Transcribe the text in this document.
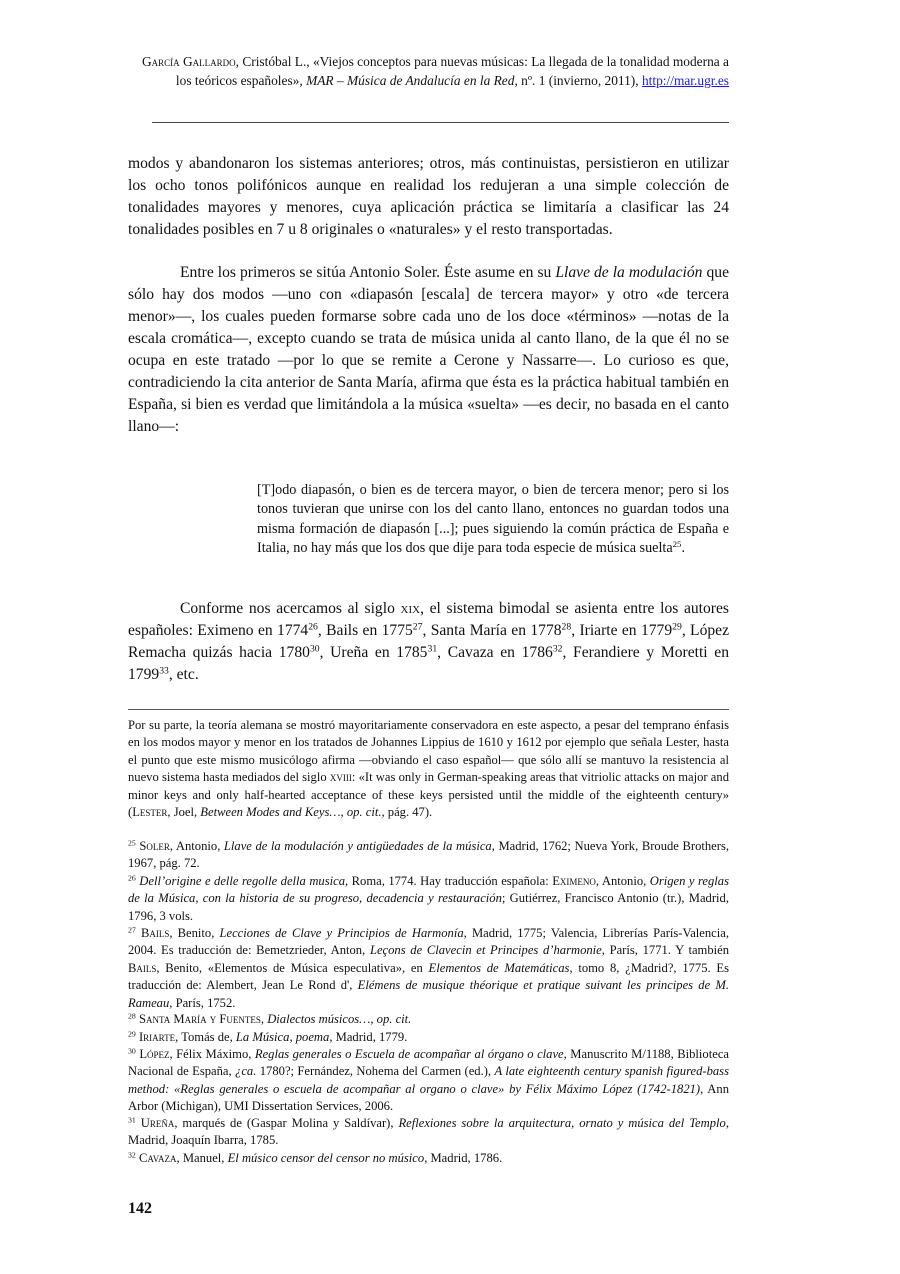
García Gallardo, Cristóbal L., «Viejos conceptos para nuevas músicas: La llegada de la tonalidad moderna a los teóricos españoles», MAR – Música de Andalucía en la Red, nº. 1 (invierno, 2011), http://mar.ugr.es
modos y abandonaron los sistemas anteriores; otros, más continuistas, persistieron en utilizar los ocho tonos polifónicos aunque en realidad los redujeran a una simple colección de tonalidades mayores y menores, cuya aplicación práctica se limitaría a clasificar las 24 tonalidades posibles en 7 u 8 originales o «naturales» y el resto transportadas.
Entre los primeros se sitúa Antonio Soler. Éste asume en su Llave de la modulación que sólo hay dos modos —uno con «diapasón [escala] de tercera mayor» y otro «de tercera menor»—, los cuales pueden formarse sobre cada uno de los doce «términos» —notas de la escala cromática—, excepto cuando se trata de música unida al canto llano, de la que él no se ocupa en este tratado —por lo que se remite a Cerone y Nassarre—. Lo curioso es que, contradiciendo la cita anterior de Santa María, afirma que ésta es la práctica habitual también en España, si bien es verdad que limitándola a la música «suelta» —es decir, no basada en el canto llano—:
[T]odo diapasón, o bien es de tercera mayor, o bien de tercera menor; pero si los tonos tuvieran que unirse con los del canto llano, entonces no guardan todos una misma formación de diapasón [...]; pues siguiendo la común práctica de España e Italia, no hay más que los dos que dije para toda especie de música suelta$^{25}$.
Conforme nos acercamos al siglo xix, el sistema bimodal se asienta entre los autores españoles: Eximeno en 1774$^{26}$, Bails en 1775$^{27}$, Santa María en 1778$^{28}$, Iriarte en 1779$^{29}$, López Remacha quizás hacia 1780$^{30}$, Ureña en 1785$^{31}$, Cavaza en 1786$^{32}$, Ferandiere y Moretti en 1799$^{33}$, etc.
Por su parte, la teoría alemana se mostró mayoritariamente conservadora en este aspecto, a pesar del temprano énfasis en los modos mayor y menor en los tratados de Johannes Lippius de 1610 y 1612 por ejemplo que señala Lester, hasta el punto que este mismo musicólogo afirma —obviando el caso español— que sólo allí se mantuvo la resistencia al nuevo sistema hasta mediados del siglo xviii: «It was only in German-speaking areas that vitriolic attacks on major and minor keys and only half-hearted acceptance of these keys persisted until the middle of the eighteenth century» (Lester, Joel, Between Modes and Keys…, op. cit., pág. 47).
$^{25}$ Soler, Antonio, Llave de la modulación y antigüedades de la música, Madrid, 1762; Nueva York, Broude Brothers, 1967, pág. 72.
$^{26}$ Dell’origine e delle regolle della musica, Roma, 1774. Hay traducción española: Eximeno, Antonio, Origen y reglas de la Música, con la historia de su progreso, decadencia y restauración; Gutiérrez, Francisco Antonio (tr.), Madrid, 1796, 3 vols.
$^{27}$ Bails, Benito, Lecciones de Clave y Principios de Harmonía, Madrid, 1775; Valencia, Librerías París-Valencia, 2004. Es traducción de: Bemetzrieder, Anton, Leçons de Clavecin et Principes d’harmonie, París, 1771. Y también Bails, Benito, «Elementos de Música especulativa», en Elementos de Matemáticas, tomo 8, ¿Madrid?, 1775. Es traducción de: Alembert, Jean Le Rond d', Elémens de musique théorique et pratique suivant les principes de M. Rameau, París, 1752.
$^{28}$ Santa María y Fuentes, Dialectos músicos…, op. cit.
$^{29}$ Iriarte, Tomás de, La Música, poema, Madrid, 1779.
$^{30}$ López, Félix Máximo, Reglas generales o Escuela de acompañar al órgano o clave, Manuscrito M/1188, Biblioteca Nacional de España, ¿ca. 1780?; Fernández, Nohema del Carmen (ed.), A late eighteenth century spanish figured-bass method: «Reglas generales o escuela de acompañar al organo o clave» by Félix Máximo López (1742-1821), Ann Arbor (Michigan), UMI Dissertation Services, 2006.
$^{31}$ Ureña, marqués de (Gaspar Molina y Saldívar), Reflexiones sobre la arquitectura, ornato y música del Templo, Madrid, Joaquín Ibarra, 1785.
$^{32}$ Cavaza, Manuel, El músico censor del censor no músico, Madrid, 1786.
142
